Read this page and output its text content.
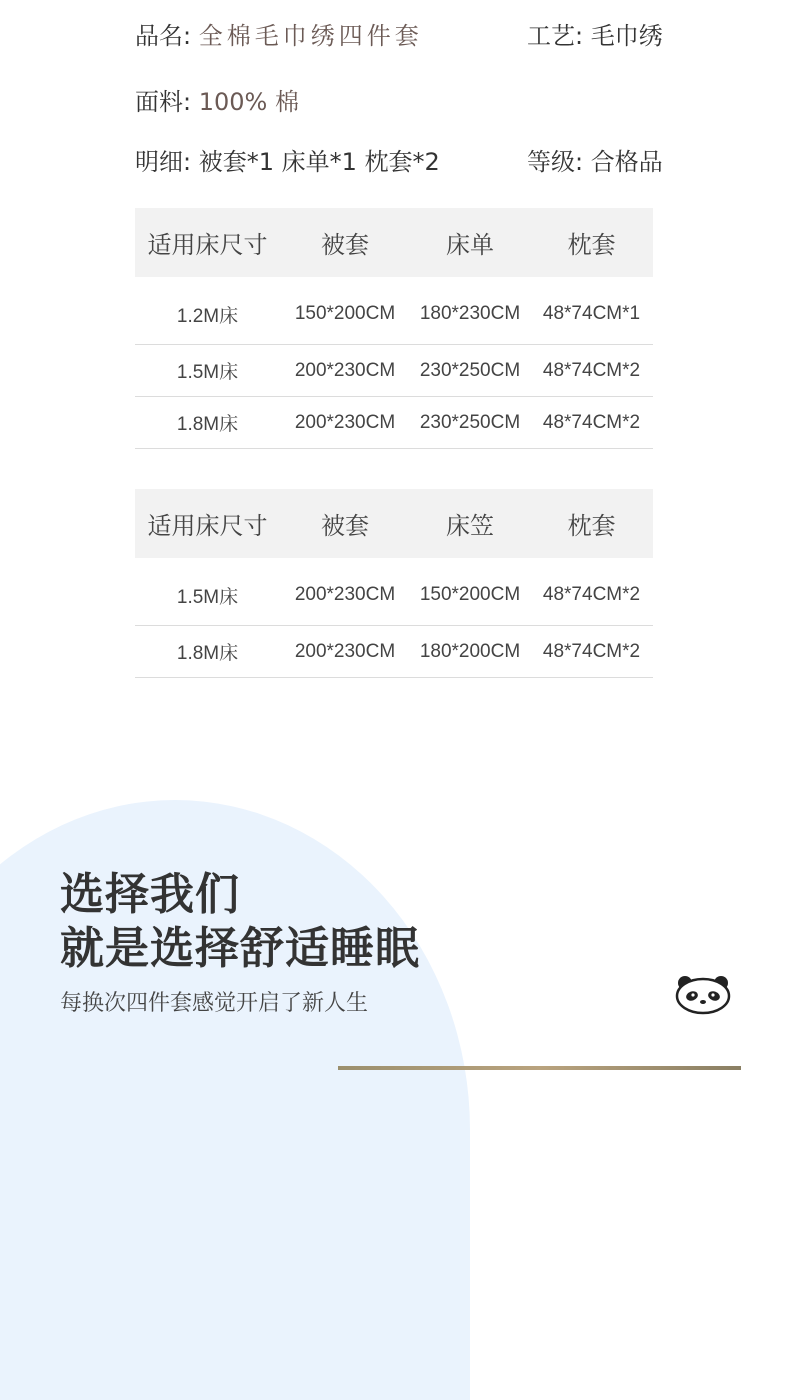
品名: 全棉毛巾绣四件套	工艺: 毛巾绣
面料: 100% 棉
明细: 被套*1 床单*1 枕套*2	等级: 合格品
适用床尺寸	被套	床单	枕套
1.2M床	150*200CM	180*230CM	48*74CM*1
1.5M床	200*230CM	230*250CM	48*74CM*2
1.8M床	200*230CM	230*250CM	48*74CM*2
适用床尺寸	被套	床笠	枕套
1.5M床	200*230CM	150*200CM	48*74CM*2
1.8M床	200*230CM	180*200CM	48*74CM*2
选择我们
就是选择舒适睡眠
每换次四件套感觉开启了新人生
